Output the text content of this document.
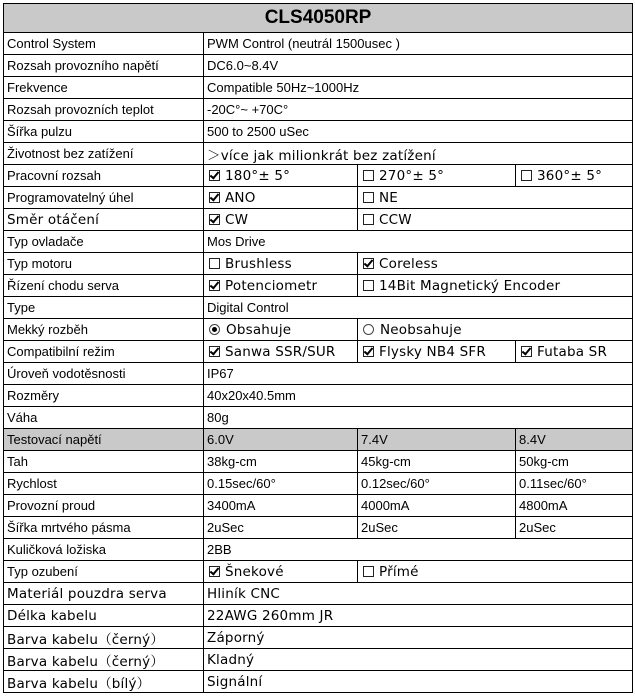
CLS4050RP			
Control System	PWM Control (neutrál 1500usec )		
Rozsah provozního napětí	DC6.0~8.4V		
Frekvence	Compatible 50Hz~1000Hz		
Rozsah provozních teplot	-20C°~ +70C°		
Šířka pulzu	500 to 2500 uSec		
Životnost bez zatížení	＞více jak milionkrát bez zatížení		
Pracovní rozsah	180°± 5°	270°± 5°	360°± 5°
Programovatelný úhel	ANO	NE	
Směr otáčení	CW	CCW	
Typ ovladače	Mos Drive		
Typ motoru	Brushless	Coreless	
Řízení chodu serva	Potenciometr	14Bit Magnetický Encoder	
Type	Digital Control		
Mekký rozběh	Obsahuje	Neobsahuje	
Compatibilní režim	Sanwa SSR/SUR	Flysky NB4 SFR	Futaba SR
Úroveň vodotěsnosti	IP67		
Rozměry	40x20x40.5mm		
Váha	80g		
Testovací napětí	6.0V	7.4V	8.4V
Tah	38kg-cm	45kg-cm	50kg-cm
Rychlost	0.15sec/60°	0.12sec/60°	0.11sec/60°
Provozní proud	3400mA	4000mA	4800mA
Šířka mrtvého pásma	2uSec	2uSec	2uSec
Kuličková ložiska	2BB		
Typ ozubení	Šnekové	Přímé	
Materiál pouzdra serva	Hliník CNC		
Délka kabelu	22AWG 260mm JR		
Barva kabelu（černý）	Záporný		
Barva kabelu（černý）	Kladný		
Barva kabelu（bílý）	Signální		
